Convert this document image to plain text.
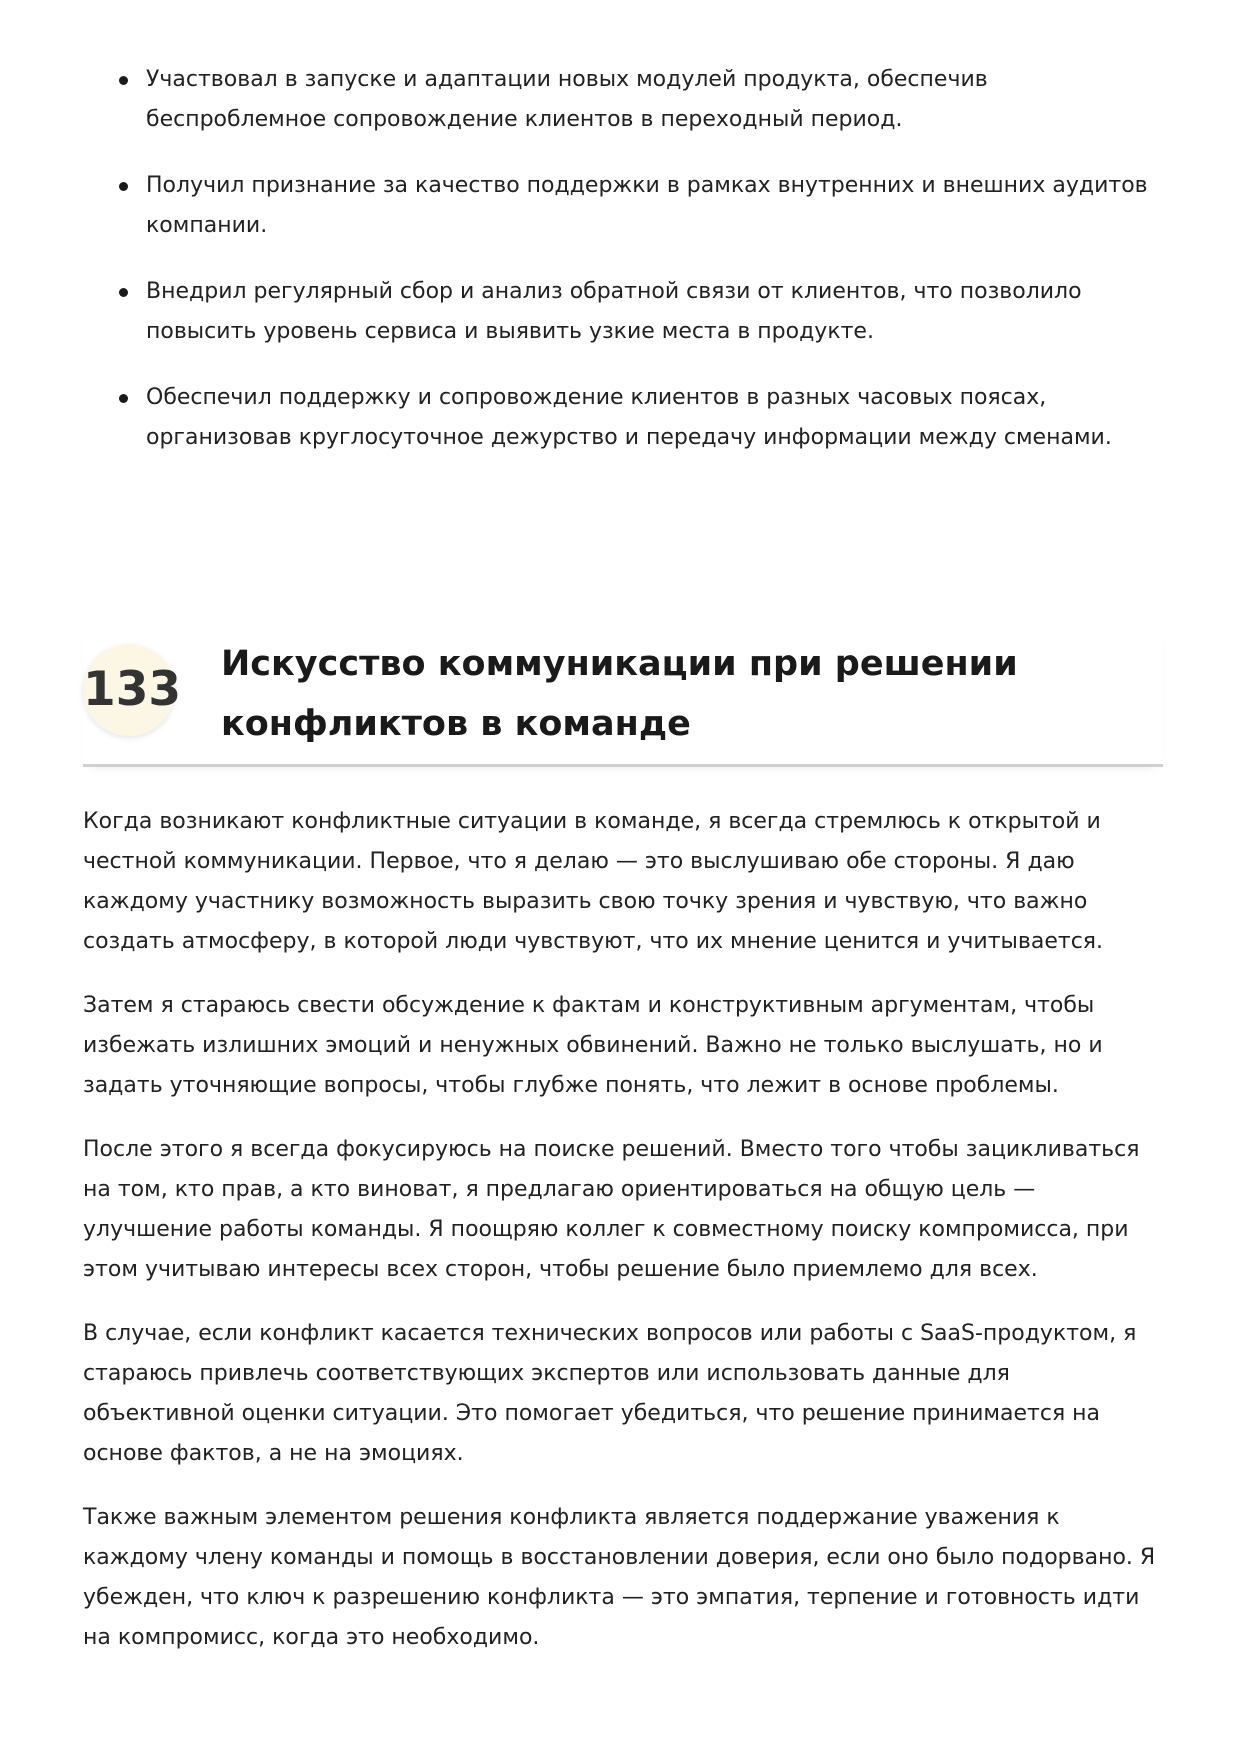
Участвовал в запуске и адаптации новых модулей продукта, обеспечив беспроблемное сопровождение клиентов в переходный период.
Получил признание за качество поддержки в рамках внутренних и внешних аудитов компании.
Внедрил регулярный сбор и анализ обратной связи от клиентов, что позволило повысить уровень сервиса и выявить узкие места в продукте.
Обеспечил поддержку и сопровождение клиентов в разных часовых поясах, организовав круглосуточное дежурство и передачу информации между сменами.
133 Искусство коммуникации при решении конфликтов в команде

Когда возникают конфликтные ситуации в команде, я всегда стремлюсь к открытой и честной коммуникации. Первое, что я делаю — это выслушиваю обе стороны. Я даю каждому участнику возможность выразить свою точку зрения и чувствую, что важно создать атмосферу, в которой люди чувствуют, что их мнение ценится и учитывается.

Затем я стараюсь свести обсуждение к фактам и конструктивным аргументам, чтобы избежать излишних эмоций и ненужных обвинений. Важно не только выслушать, но и задать уточняющие вопросы, чтобы глубже понять, что лежит в основе проблемы.

После этого я всегда фокусируюсь на поиске решений. Вместо того чтобы зацикливаться на том, кто прав, а кто виноват, я предлагаю ориентироваться на общую цель — улучшение работы команды. Я поощряю коллег к совместному поиску компромисса, при этом учитываю интересы всех сторон, чтобы решение было приемлемо для всех.

В случае, если конфликт касается технических вопросов или работы с SaaS-продуктом, я стараюсь привлечь соответствующих экспертов или использовать данные для объективной оценки ситуации. Это помогает убедиться, что решение принимается на основе фактов, а не на эмоциях.

Также важным элементом решения конфликта является поддержание уважения к каждому члену команды и помощь в восстановлении доверия, если оно было подорвано. Я убежден, что ключ к разрешению конфликта — это эмпатия, терпение и готовность идти на компромисс, когда это необходимо.
